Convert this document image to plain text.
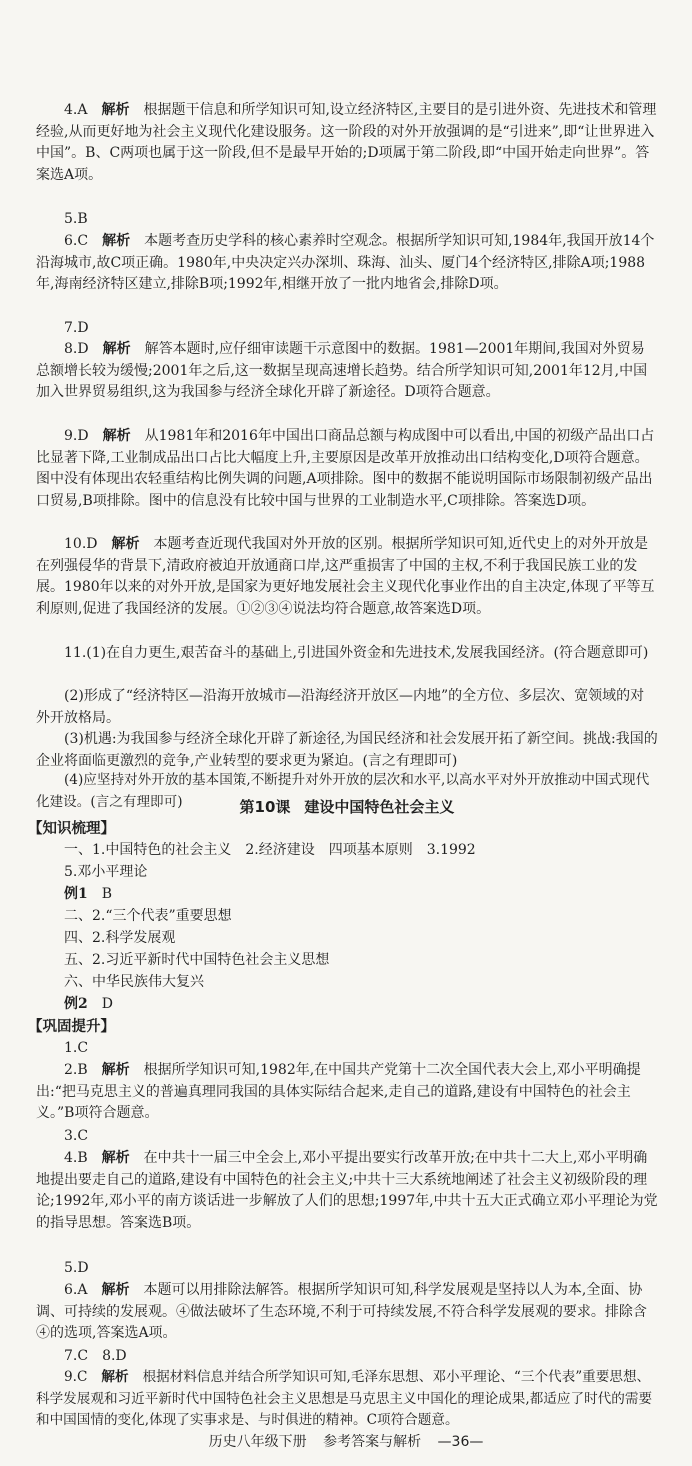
4.A 解析 根据题干信息和所学知识可知,设立经济特区,主要目的是引进外资、先进技术和管理经验,从而更好地为社会主义现代化建设服务。这一阶段的对外开放强调的是“引进来”,即“让世界进入中国”。B、C两项也属于这一阶段,但不是最早开始的;D项属于第二阶段,即“中国开始走向世界”。答案选A项。

5.B

6.C 解析 本题考查历史学科的核心素养时空观念。根据所学知识可知,1984年,我国开放14个沿海城市,故C项正确。1980年,中央决定兴办深圳、珠海、汕头、厦门4个经济特区,排除A项;1988年,海南经济特区建立,排除B项;1992年,相继开放了一批内地省会,排除D项。

7.D

8.D 解析 解答本题时,应仔细审读题干示意图中的数据。1981—2001年期间,我国对外贸易总额增长较为缓慢;2001年之后,这一数据呈现高速增长趋势。结合所学知识可知,2001年12月,中国加入世界贸易组织,这为我国参与经济全球化开辟了新途径。D项符合题意。

9.D 解析 从1981年和2016年中国出口商品总额与构成图中可以看出,中国的初级产品出口占比显著下降,工业制成品出口占比大幅度上升,主要原因是改革开放推动出口结构变化,D项符合题意。图中没有体现出农轻重结构比例失调的问题,A项排除。图中的数据不能说明国际市场限制初级产品出口贸易,B项排除。图中的信息没有比较中国与世界的工业制造水平,C项排除。答案选D项。

10.D 解析 本题考查近现代我国对外开放的区别。根据所学知识可知,近代史上的对外开放是在列强侵华的背景下,清政府被迫开放通商口岸,这严重损害了中国的主权,不利于我国民族工业的发展。1980年以来的对外开放,是国家为更好地发展社会主义现代化事业作出的自主决定,体现了平等互利原则,促进了我国经济的发展。①②③④说法均符合题意,故答案选D项。

11.(1)在自力更生,艰苦奋斗的基础上,引进国外资金和先进技术,发展我国经济。(符合题意即可)

(2)形成了“经济特区—沿海开放城市—沿海经济开放区—内地”的全方位、多层次、宽领域的对外开放格局。

(3)机遇:为我国参与经济全球化开辟了新途径,为国民经济和社会发展开拓了新空间。挑战:我国的企业将面临更激烈的竞争,产业转型的要求更为紧迫。(言之有理即可)

(4)应坚持对外开放的基本国策,不断提升对外开放的层次和水平,以高水平对外开放推动中国式现代化建设。(言之有理即可)	第10课 建设中国特色社会主义
【知识梳理】

一、1.中国特色的社会主义 2.经济建设 四项基本原则 3.1992

5.邓小平理论

例1 B

二、2.“三个代表”重要思想

四、2.科学发展观

五、2.习近平新时代中国特色社会主义思想

六、中华民族伟大复兴

例2 D

【巩固提升】

1.C

2.B 解析 根据所学知识可知,1982年,在中国共产党第十二次全国代表大会上,邓小平明确提出:“把马克思主义的普遍真理同我国的具体实际结合起来,走自己的道路,建设有中国特色的社会主义。”B项符合题意。

3.C

4.B 解析 在中共十一届三中全会上,邓小平提出要实行改革开放;在中共十二大上,邓小平明确地提出要走自己的道路,建设有中国特色的社会主义;中共十三大系统地阐述了社会主义初级阶段的理论;1992年,邓小平的南方谈话进一步解放了人们的思想;1997年,中共十五大正式确立邓小平理论为党的指导思想。答案选B项。

5.D

6.A 解析 本题可以用排除法解答。根据所学知识可知,科学发展观是坚持以人为本,全面、协调、可持续的发展观。④做法破坏了生态环境,不利于可持续发展,不符合科学发展观的要求。排除含④的选项,答案选A项。

7.C 8.D

9.C 解析 根据材料信息并结合所学知识可知,毛泽东思想、邓小平理论、“三个代表”重要思想、科学发展观和习近平新时代中国特色社会主义思想是马克思主义中国化的理论成果,都适应了时代的需要和中国国情的变化,体现了实事求是、与时俱进的精神。C项符合题意。

历史八年级下册 参考答案与解析 —36—
